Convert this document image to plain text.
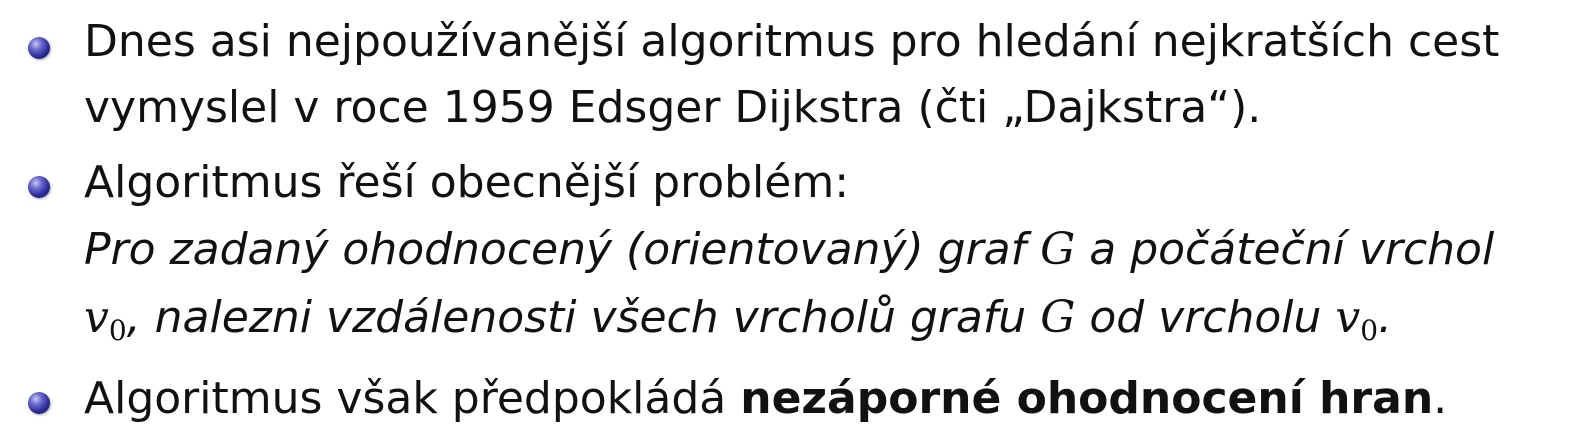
Dnes asi nejpoužívanější algoritmus pro hledání nejkratších cest
vymyslel v roce 1959 Edsger Dijkstra (čti „Dajkstra“).
Algoritmus řeší obecnější problém:
Pro zadaný ohodnocený (orientovaný) graf G a počáteční vrchol
$v_0$, nalezni vzdálenosti všech vrcholů grafu G od vrcholu $v_0$.
Algoritmus však předpokládá nezáporné ohodnocení hran.
